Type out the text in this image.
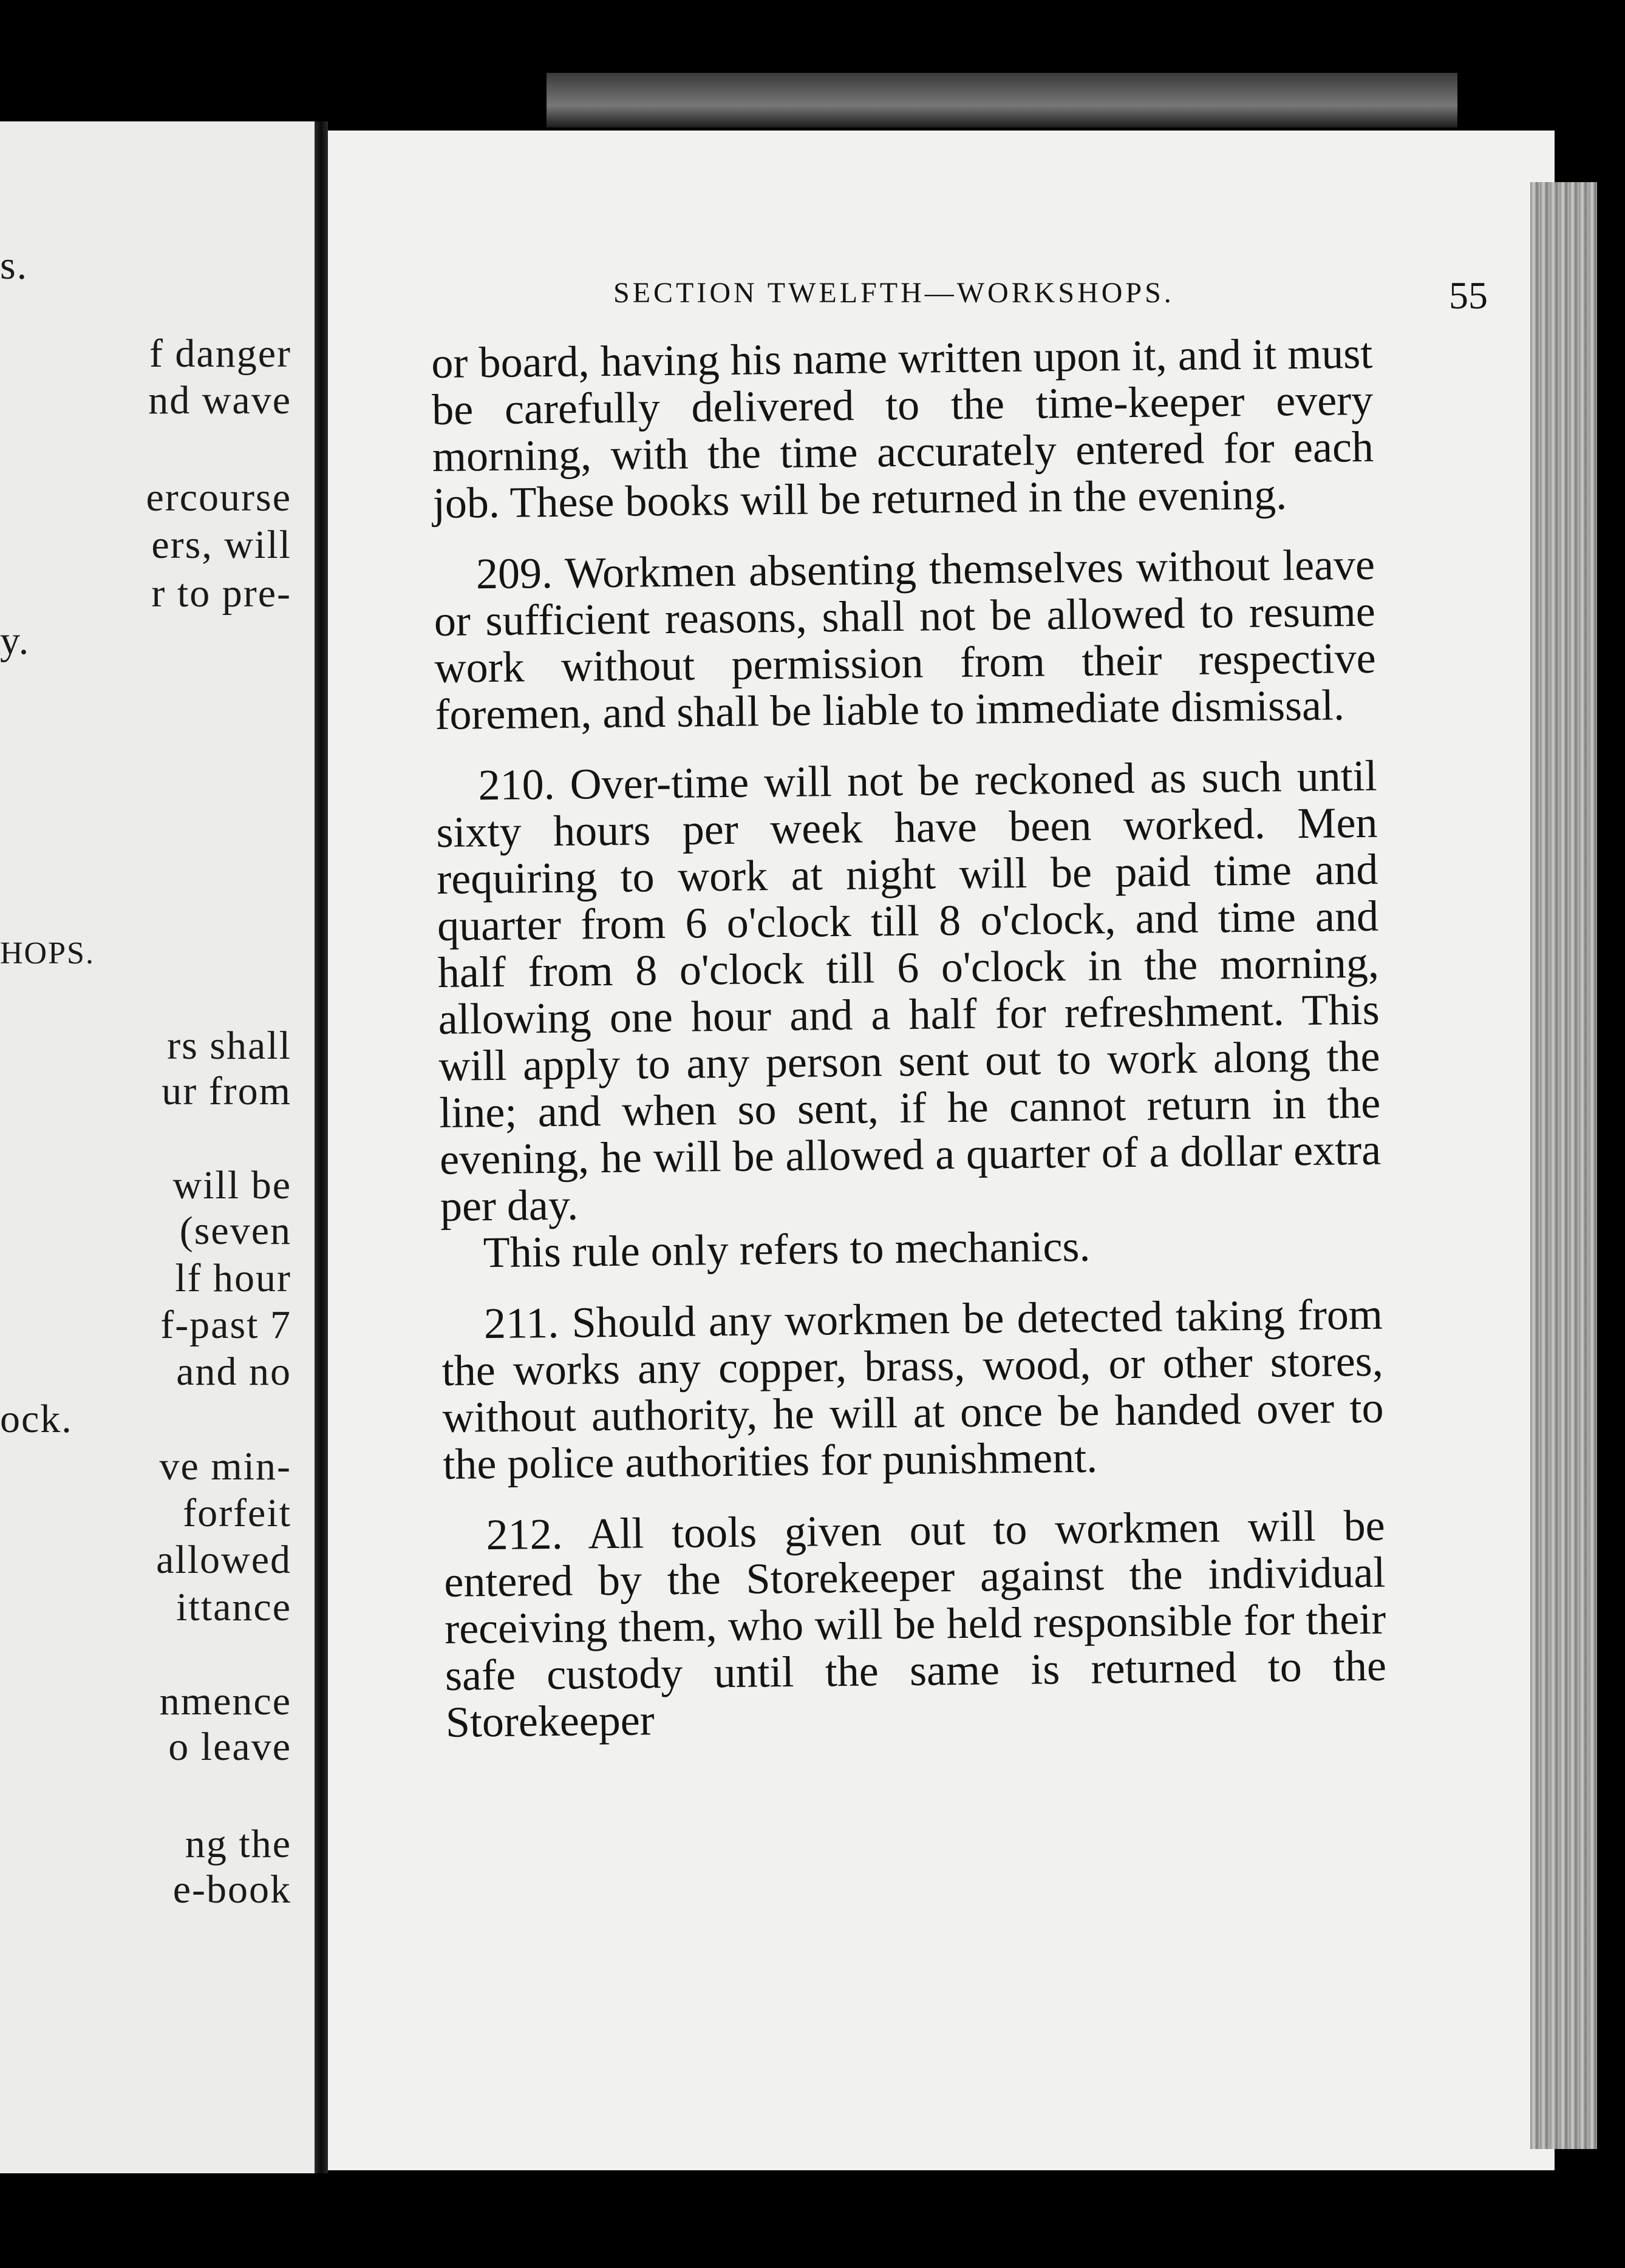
s.
f danger
nd wave
ercourse
ers, will
r to pre-
y.
HOPS.
rs shall
ur from
will be
(seven
lf hour
f-past 7
and no
ock.
ve min-
forfeit
allowed
ittance
nmence
o leave
ng the
e-book
SECTION TWELFTH—WORKSHOPS.	55

or board, having his name written upon it, and it must be carefully delivered to the time-keeper every morning, with the time accurately entered for each job. These books will be returned in the evening.

209. Workmen absenting themselves without leave or sufficient reasons, shall not be allowed to resume work without permission from their respective foremen, and shall be liable to immediate dismissal.

210. Over-time will not be reckoned as such until sixty hours per week have been worked. Men requiring to work at night will be paid time and quarter from 6 o'clock till 8 o'clock, and time and half from 8 o'clock till 6 o'clock in the morning, allowing one hour and a half for refreshment. This will apply to any person sent out to work along the line; and when so sent, if he cannot return in the evening, he will be allowed a quarter of a dollar extra per day.

This rule only refers to mechanics.

211. Should any workmen be detected taking from the works any copper, brass, wood, or other stores, without authority, he will at once be handed over to the police authorities for punishment.

212. All tools given out to workmen will be entered by the Storekeeper against the individual receiving them, who will be held responsible for their safe custody until the same is returned to the Storekeeper
